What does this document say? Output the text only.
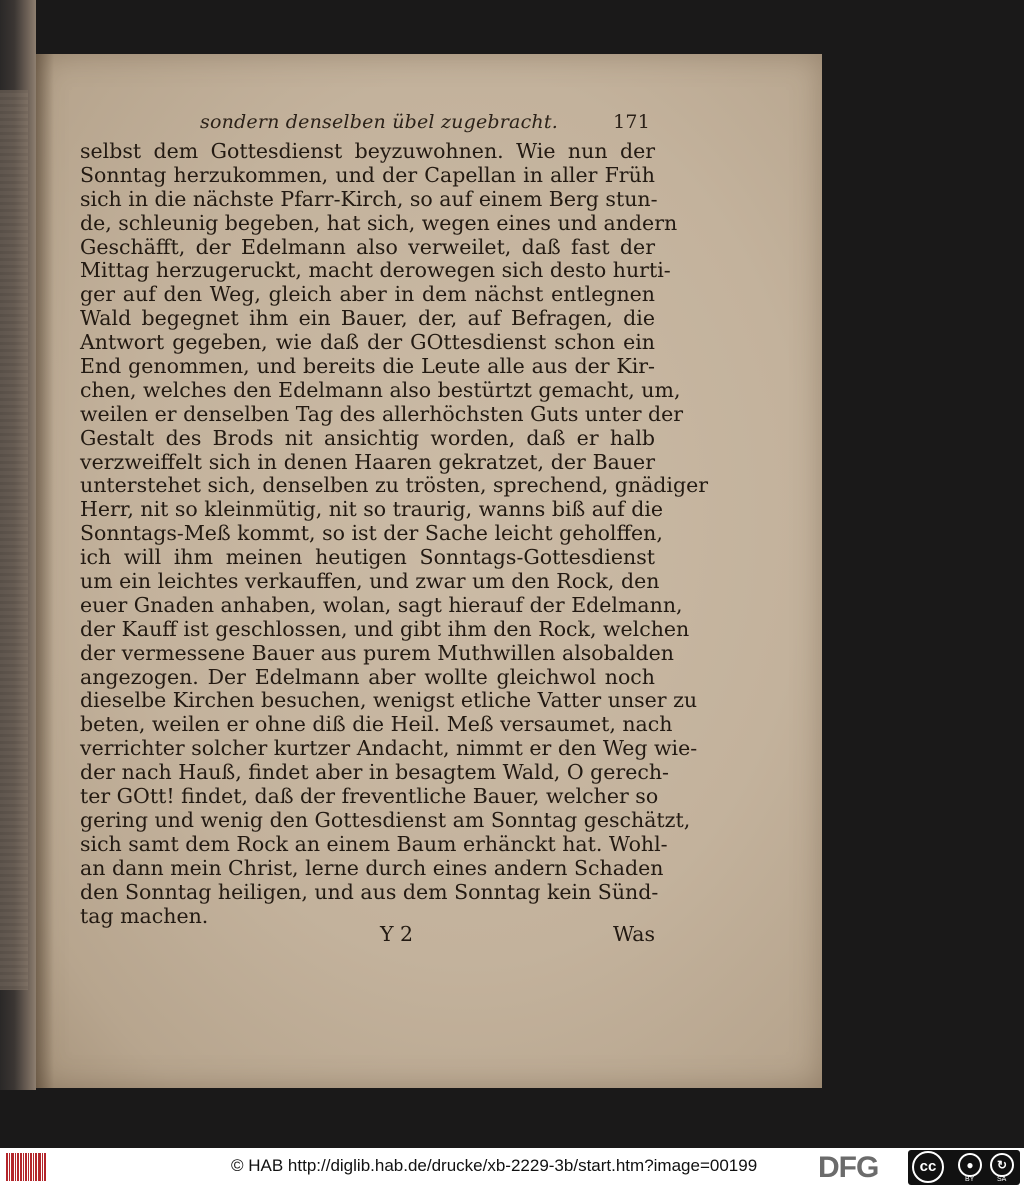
sondern denselben übel zugebracht.	171
selbst dem Gottesdienst beyzuwohnen. Wie nun der
Sonntag herzukommen, und der Capellan in aller Früh
sich in die nächste Pfarr-Kirch, so auf einem Berg stun-
de, schleunig begeben, hat sich, wegen eines und andern
Geschäfft, der Edelmann also verweilet, daß fast der
Mittag herzugeruckt, macht derowegen sich desto hurti-
ger auf den Weg, gleich aber in dem nächst entlegnen
Wald begegnet ihm ein Bauer, der, auf Befragen, die
Antwort gegeben, wie daß der GOttesdienst schon ein
End genommen, und bereits die Leute alle aus der Kir-
chen, welches den Edelmann also bestürtzt gemacht, um,
weilen er denselben Tag des allerhöchsten Guts unter der
Gestalt des Brods nit ansichtig worden, daß er halb
verzweiffelt sich in denen Haaren gekratzet, der Bauer
unterstehet sich, denselben zu trösten, sprechend, gnädiger
Herr, nit so kleinmütig, nit so traurig, wanns biß auf die
Sonntags-Meß kommt, so ist der Sache leicht geholffen,
ich will ihm meinen heutigen Sonntags-Gottesdienst
um ein leichtes verkauffen, und zwar um den Rock, den
euer Gnaden anhaben, wolan, sagt hierauf der Edelmann,
der Kauff ist geschlossen, und gibt ihm den Rock, welchen
der vermessene Bauer aus purem Muthwillen alsobalden
angezogen. Der Edelmann aber wollte gleichwol noch
dieselbe Kirchen besuchen, wenigst etliche Vatter unser zu
beten, weilen er ohne diß die Heil. Meß versaumet, nach
verrichter solcher kurtzer Andacht, nimmt er den Weg wie-
der nach Hauß, findet aber in besagtem Wald, O gerech-
ter GOtt! findet, daß der freventliche Bauer, welcher so
gering und wenig den Gottesdienst am Sonntag geschätzt,
sich samt dem Rock an einem Baum erhänckt hat. Wohl-
an dann mein Christ, lerne durch eines andern Schaden
den Sonntag heiligen, und aus dem Sonntag kein Sünd-
tag machen.
Y 2	Was
© HAB http://diglib.hab.de/drucke/xb-2229-3b/start.htm?image=00199 DFG	cc	●	↻
BY	SA
